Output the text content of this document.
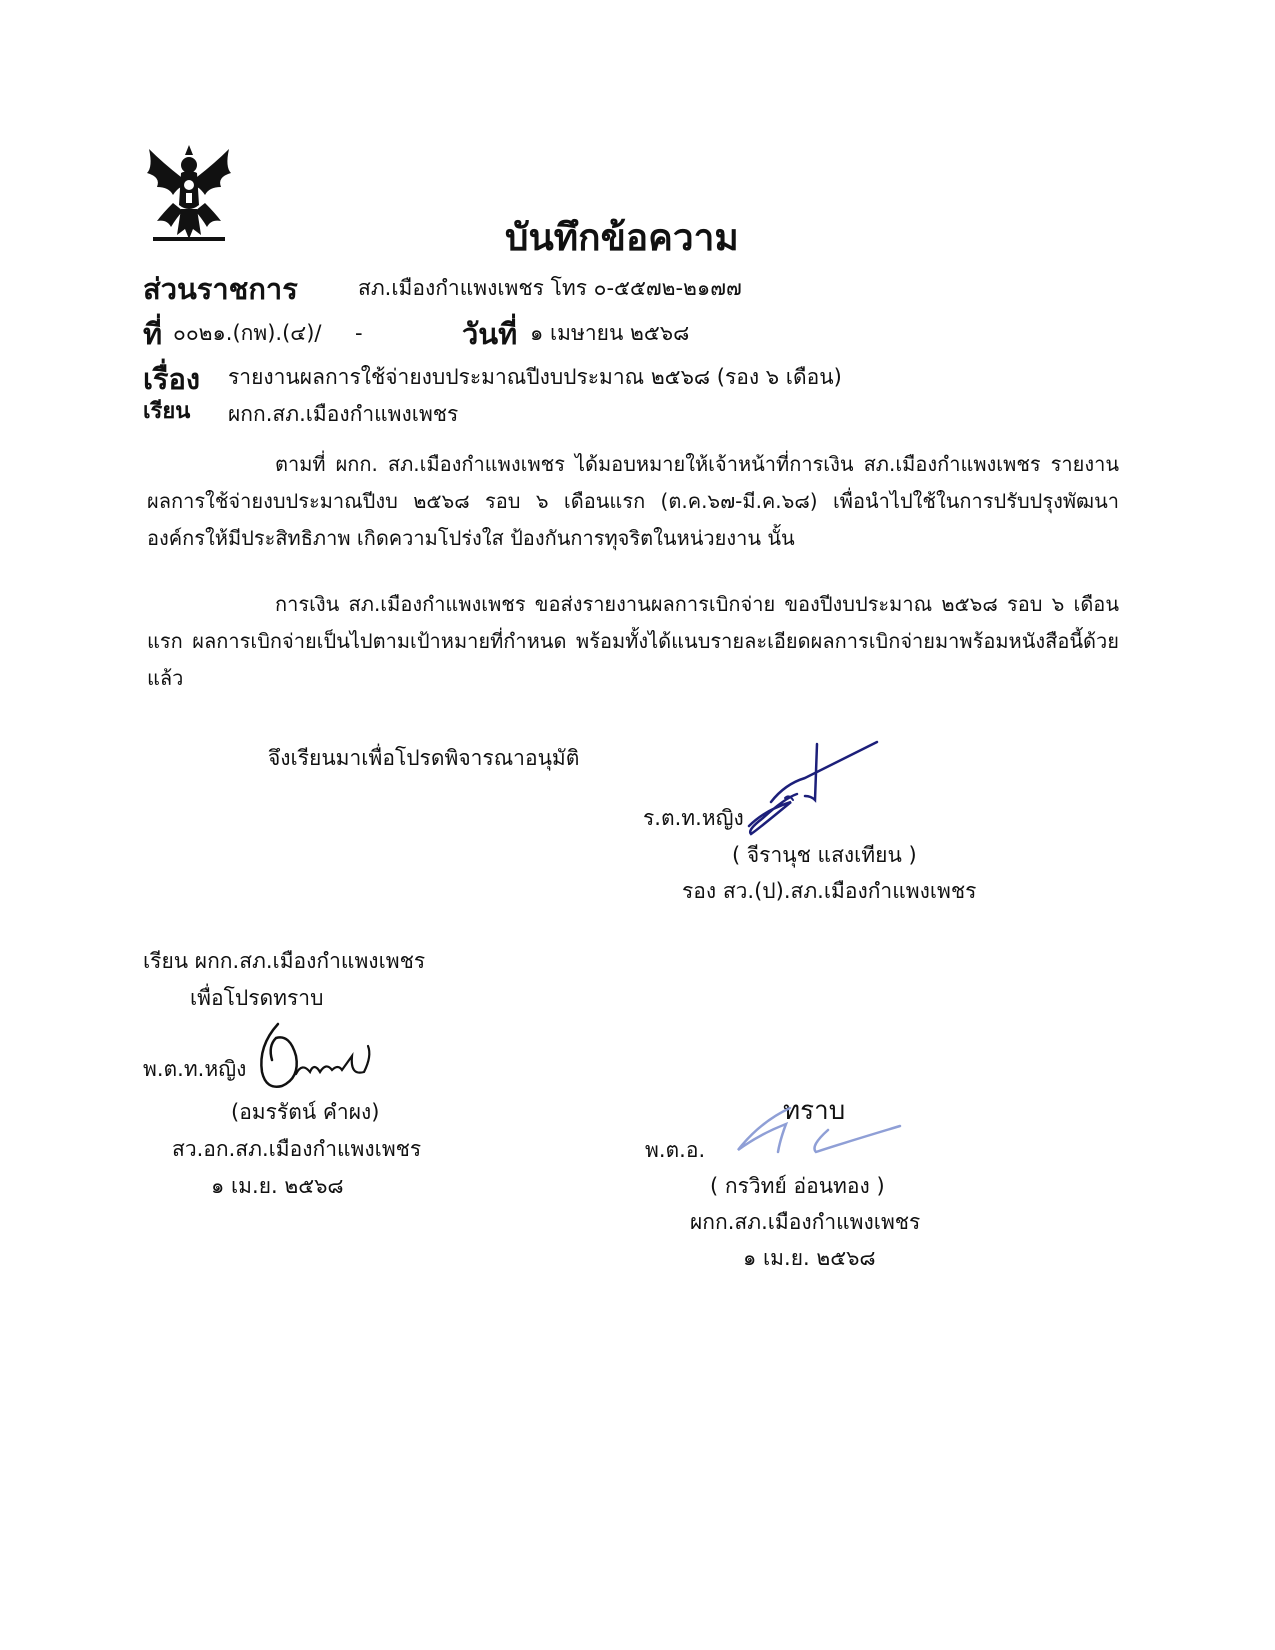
บันทึกข้อความ
ส่วนราชการ	สภ.เมืองกำแพงเพชร โทร ๐-๕๕๗๒-๒๑๗๗
ที่ ๐๐๒๑.(กพ).(๔)/ -	วันที่ ๑ เมษายน ๒๕๖๘
เรื่อง รายงานผลการใช้จ่ายงบประมาณปีงบประมาณ ๒๕๖๘ (รอง ๖ เดือน)
เรียน ผกก.สภ.เมืองกำแพงเพชร
ตามที่ ผกก. สภ.เมืองกำแพงเพชร ได้มอบหมายให้เจ้าหน้าที่การเงิน สภ.เมืองกำแพงเพชร รายงานผลการใช้จ่ายงบประมาณปีงบ ๒๕๖๘ รอบ ๖ เดือนแรก (ต.ค.๖๗-มี.ค.๖๘) เพื่อนำไปใช้ในการปรับปรุงพัฒนาองค์กรให้มีประสิทธิภาพ เกิดความโปร่งใส ป้องกันการทุจริตในหน่วยงาน นั้น
การเงิน สภ.เมืองกำแพงเพชร ขอส่งรายงานผลการเบิกจ่าย ของปีงบประมาณ ๒๕๖๘ รอบ ๖ เดือนแรก ผลการเบิกจ่ายเป็นไปตามเป้าหมายที่กำหนด พร้อมทั้งได้แนบรายละเอียดผลการเบิกจ่ายมาพร้อมหนังสือนี้ด้วยแล้ว
จึงเรียนมาเพื่อโปรดพิจารณาอนุมัติ
ร.ต.ท.หญิง
( จีรานุช แสงเทียน )
รอง สว.(ป).สภ.เมืองกำแพงเพชร
เรียน ผกก.สภ.เมืองกำแพงเพชร
เพื่อโปรดทราบ
พ.ต.ท.หญิง
(อมรรัตน์ คำผง)
สว.อก.สภ.เมืองกำแพงเพชร
๑ เม.ย. ๒๕๖๘
ทราบ
พ.ต.อ.
( กรวิทย์ อ่อนทอง )
ผกก.สภ.เมืองกำแพงเพชร
๑ เม.ย. ๒๕๖๘
